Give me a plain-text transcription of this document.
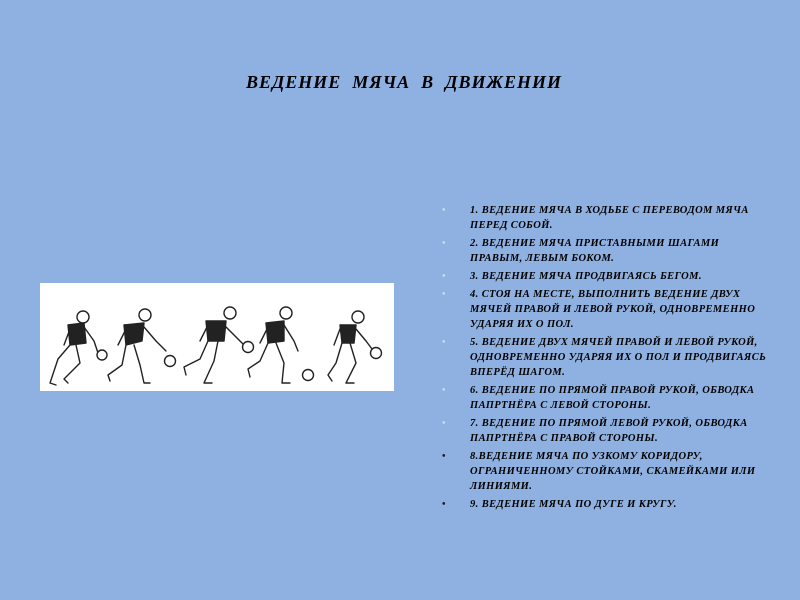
ВЕДЕНИЕ  МЯЧА  В  ДВИЖЕНИИ
• 1. ВЕДЕНИЕ МЯЧА В ХОДЬБЕ С ПЕРЕВОДОМ МЯЧА ПЕРЕД СОБОЙ.
• 2. ВЕДЕНИЕ МЯЧА ПРИСТАВНЫМИ ШАГАМИ ПРАВЫМ, ЛЕВЫМ БОКОМ.
• 3. ВЕДЕНИЕ МЯЧА ПРОДВИГАЯСЬ БЕГОМ.
• 4. СТОЯ НА МЕСТЕ, ВЫПОЛНИТЬ ВЕДЕНИЕ ДВУХ МЯЧЕЙ ПРАВОЙ И ЛЕВОЙ РУКОЙ, ОДНОВРЕМЕННО УДАРЯЯ ИХ О ПОЛ.
• 5. ВЕДЕНИЕ ДВУХ МЯЧЕЙ ПРАВОЙ И ЛЕВОЙ РУКОЙ, ОДНОВРЕМЕННО УДАРЯЯ ИХ О ПОЛ И ПРОДВИГАЯСЬ ВПЕРЁД ШАГОМ.
• 6. ВЕДЕНИЕ ПО ПРЯМОЙ ПРАВОЙ РУКОЙ, ОБВОДКА ПАПРТНЁРА С ЛЕВОЙ СТОРОНЫ.
• 7. ВЕДЕНИЕ ПО ПРЯМОЙ ЛЕВОЙ РУКОЙ, ОБВОДКА ПАПРТНЁРА С ПРАВОЙ СТОРОНЫ.
• 8.ВЕДЕНИЕ МЯЧА ПО УЗКОМУ КОРИДОРУ, ОГРАНИЧЕННОМУ СТОЙКАМИ, СКАМЕЙКАМИ ИЛИ ЛИНИЯМИ.
• 9. ВЕДЕНИЕ МЯЧА ПО ДУГЕ И КРУГУ.
